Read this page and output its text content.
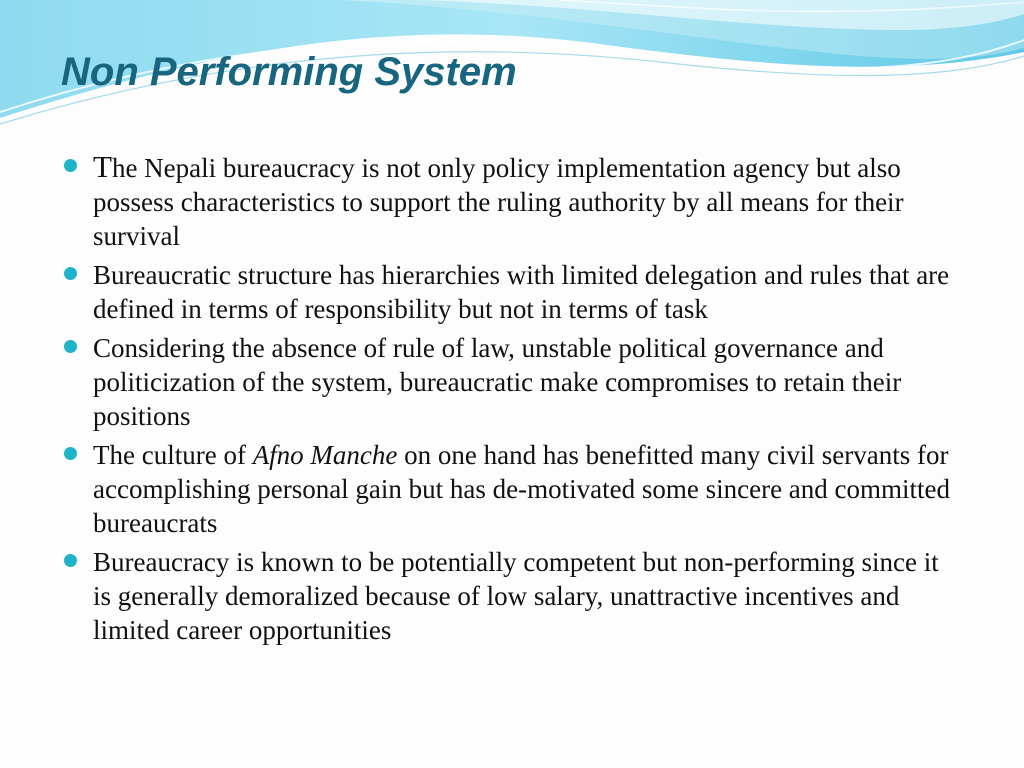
Non Performing System
The Nepali bureaucracy is not only policy implementation agency but also possess characteristics to support the ruling authority by all means for their survival
Bureaucratic structure has hierarchies with limited delegation and rules that are defined in terms of responsibility but not in terms of task
Considering the absence of rule of law, unstable political governance and politicization of the system, bureaucratic make compromises to retain their positions
The culture of Afno Manche on one hand has benefitted many civil servants for accomplishing personal gain but has de-motivated some sincere and committed bureaucrats
Bureaucracy is known to be potentially competent but non-performing since it is generally demoralized because of low salary, unattractive incentives and limited career opportunities
